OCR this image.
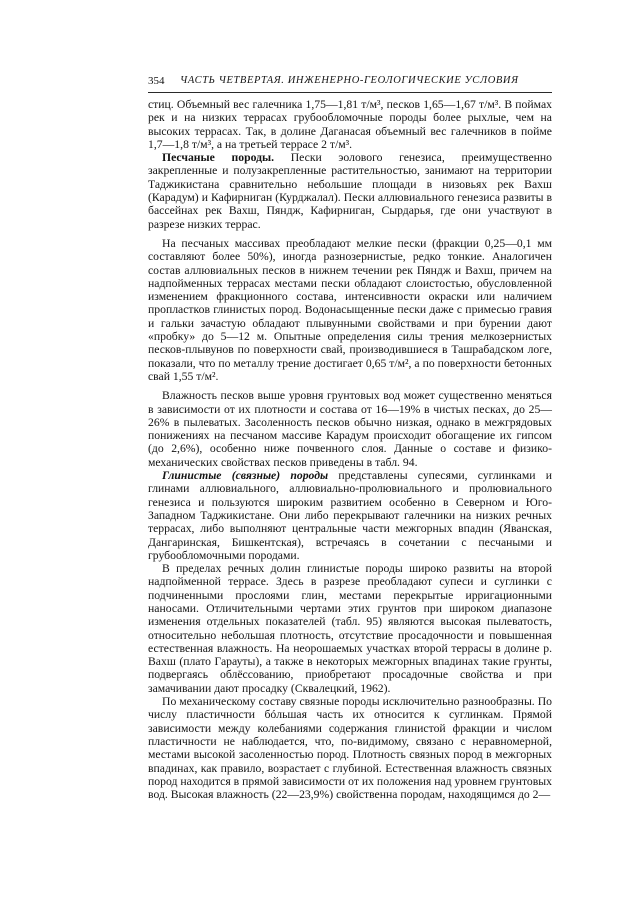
354 ЧАСТЬ ЧЕТВЕРТАЯ. ИНЖЕНЕРНО-ГЕОЛОГИЧЕСКИЕ УСЛОВИЯ

стиц. Объемный вес галечника 1,75—1,81 т/м³, песков 1,65—1,67 т/м³. В поймах рек и на низких террасах грубообломочные породы более рыхлые, чем на высоких террасах. Так, в долине Даганасая объемный вес галечников в пойме 1,7—1,8 т/м³, а на третьей террасе 2 т/м³.

Песчаные породы. Пески эолового генезиса, преимущественно закрепленные и полузакрепленные растительностью, занимают на территории Таджикистана сравнительно небольшие площади в низовьях рек Вахш (Карадум) и Кафирниган (Курджалал). Пески аллювиального генезиса развиты в бассейнах рек Вахш, Пяндж, Кафирниган, Сырдарья, где они участвуют в разрезе низких террас.

На песчаных массивах преобладают мелкие пески (фракции 0,25—0,1 мм составляют более 50%), иногда разнозернистые, редко тонкие. Аналогичен состав аллювиальных песков в нижнем течении рек Пяндж и Вахш, причем на надпойменных террасах местами пески обладают слоистостью, обусловленной изменением фракционного состава, интенсивности окраски или наличием пропластков глинистых пород. Водонасыщенные пески даже с примесью гравия и гальки зачастую обладают плывунными свойствами и при бурении дают «пробку» до 5—12 м. Опытные определения силы трения мелкозернистых песков-плывунов по поверхности свай, производившиеся в Ташрабадском логе, показали, что по металлу трение достигает 0,65 т/м², а по поверхности бетонных свай 1,55 т/м².

Влажность песков выше уровня грунтовых вод может существенно меняться в зависимости от их плотности и состава от 16—19% в чистых песках, до 25—26% в пылеватых. Засоленность песков обычно низкая, однако в межгрядовых понижениях на песчаном массиве Карадум происходит обогащение их гипсом (до 2,6%), особенно ниже почвенного слоя. Данные о составе и физико-механических свойствах песков приведены в табл. 94.

Глинистые (связные) породы представлены супесями, суглинками и глинами аллювиального, аллювиально-пролювиального и пролювиального генезиса и пользуются широким развитием особенно в Северном и Юго-Западном Таджикистане. Они либо перекрывают галечники на низких речных террасах, либо выполняют центральные части межгорных впадин (Яванская, Дангаринская, Бишкентская), встречаясь в сочетании с песчаными и грубообломочными породами.

В пределах речных долин глинистые породы широко развиты на второй надпойменной террасе. Здесь в разрезе преобладают супеси и суглинки с подчиненными прослоями глин, местами перекрытые ирригационными наносами. Отличительными чертами этих грунтов при широком диапазоне изменения отдельных показателей (табл. 95) являются высокая пылеватость, относительно небольшая плотность, отсутствие просадочности и повышенная естественная влажность. На неорошаемых участках второй террасы в долине р. Вахш (плато Гарауты), а также в некоторых межгорных впадинах такие грунты, подвергаясь облёссованию, приобретают просадочные свойства и при замачивании дают просадку (Сквалецкий, 1962).

По механическому составу связные породы исключительно разнообразны. По числу пластичности бóльшая часть их относится к суглинкам. Прямой зависимости между колебаниями содержания глинистой фракции и числом пластичности не наблюдается, что, по-видимому, связано с неравномерной, местами высокой засоленностью пород. Плотность связных пород в межгорных впадинах, как правило, возрастает с глубиной. Естественная влажность связных пород находится в прямой зависимости от их положения над уровнем грунтовых вод. Высокая влажность (22—23,9%) свойственна породам, находящимся до 2—
